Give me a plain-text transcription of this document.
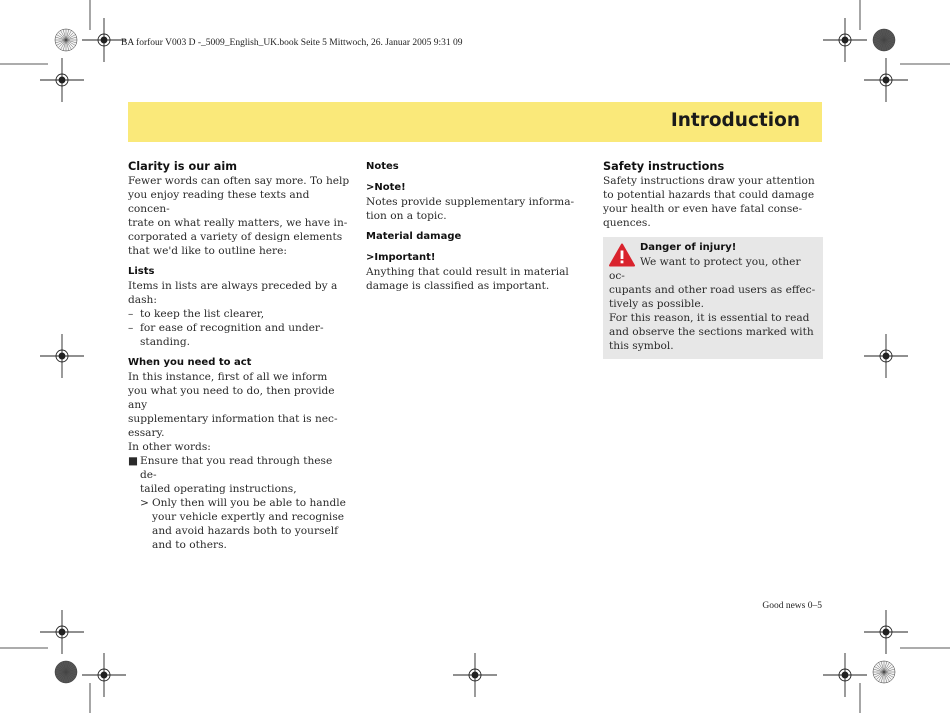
BA forfour V003 D -_5009_English_UK.book Seite 5 Mittwoch, 26. Januar 2005 9:31 09
Introduction
Clarity is our aim

Fewer words can often say more. To help
you enjoy reading these texts and concen-
trate on what really matters, we have in-
corporated a variety of design elements
that we'd like to outline here:

Lists

Items in lists are always preceded by a
dash:

– to keep the list clearer,
– for ease of recognition and under-
standing.
When you need to act

In this instance, first of all we inform
you what you need to do, then provide any
supplementary information that is nec-
essary.
In other words:

■ Ensure that you read through these de-
tailed operating instructions,
> Only then will you be able to handle
your vehicle expertly and recognise
and avoid hazards both to yourself
and to others.
Notes
>Note!

Notes provide supplementary informa-
tion on a topic.

Material damage
>Important!

Anything that could result in material
damage is classified as important.

Safety instructions

Safety instructions draw your attention
to potential hazards that could damage
your health or even have fatal conse-
quences.

Danger of injury!

We want to protect you, other oc-
cupants and other road users as effec-
tively as possible.
For this reason, it is essential to read
and observe the sections marked with
this symbol.

Good news 0–5
